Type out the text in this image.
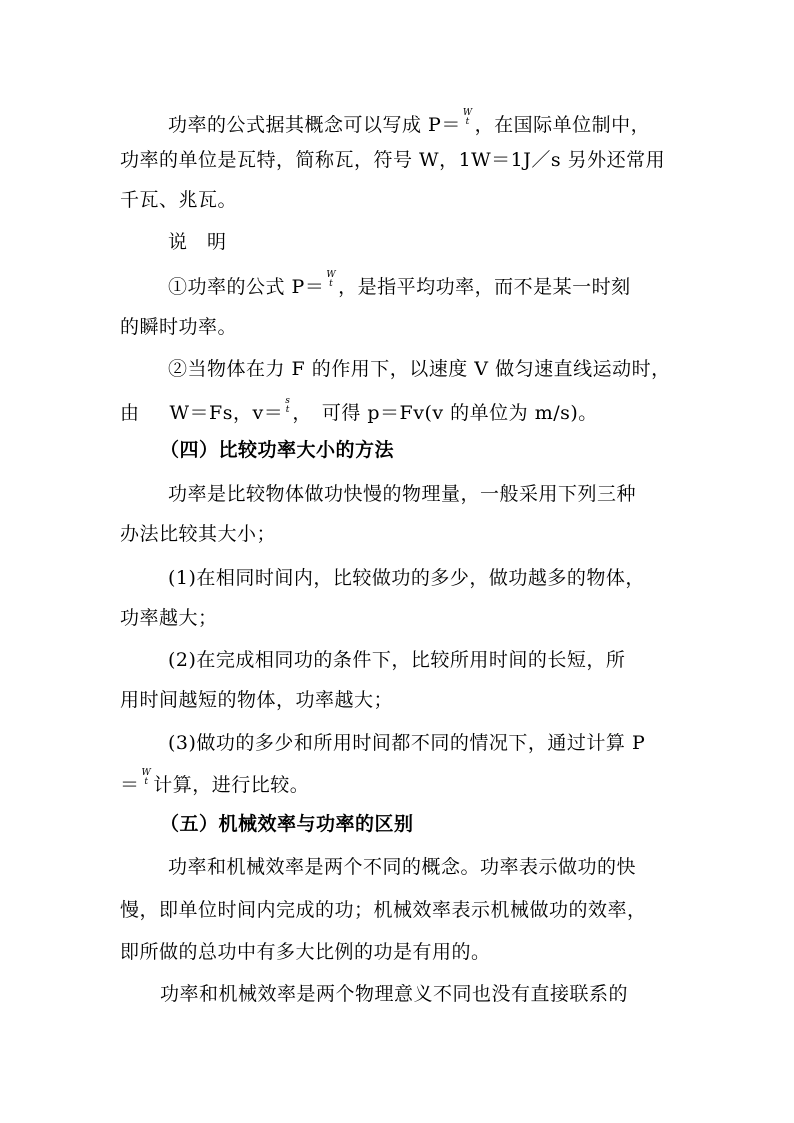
功率的公式据其概念可以写成 P＝
W
t ，在国际单位制中，
功率的单位是瓦特，简称瓦，符号 W，1W＝1J／s 另外还常用
千瓦、兆瓦。
说　明
①功率的公式 P＝
W
t ，是指平均功率，而不是某一时刻
的瞬时功率。
②当物体在力 F 的作用下，以速度 V 做匀速直线运动时，
由 W＝Fs，v＝
s
t ，　可得 p＝Fv(v 的单位为 m/s)。
（四）比较功率大小的方法
功率是比较物体做功快慢的物理量，一般采用下列三种
办法比较其大小；
(1)在相同时间内，比较做功的多少，做功越多的物体，
功率越大；
(2)在完成相同功的条件下，比较所用时间的长短，所
用时间越短的物体，功率越大；
(3)做功的多少和所用时间都不同的情况下，通过计算 P
＝
W
t 计算，进行比较。
（五）机械效率与功率的区别
功率和机械效率是两个不同的概念。功率表示做功的快
慢，即单位时间内完成的功；机械效率表示机械做功的效率，
即所做的总功中有多大比例的功是有用的。
功率和机械效率是两个物理意义不同也没有直接联系的
